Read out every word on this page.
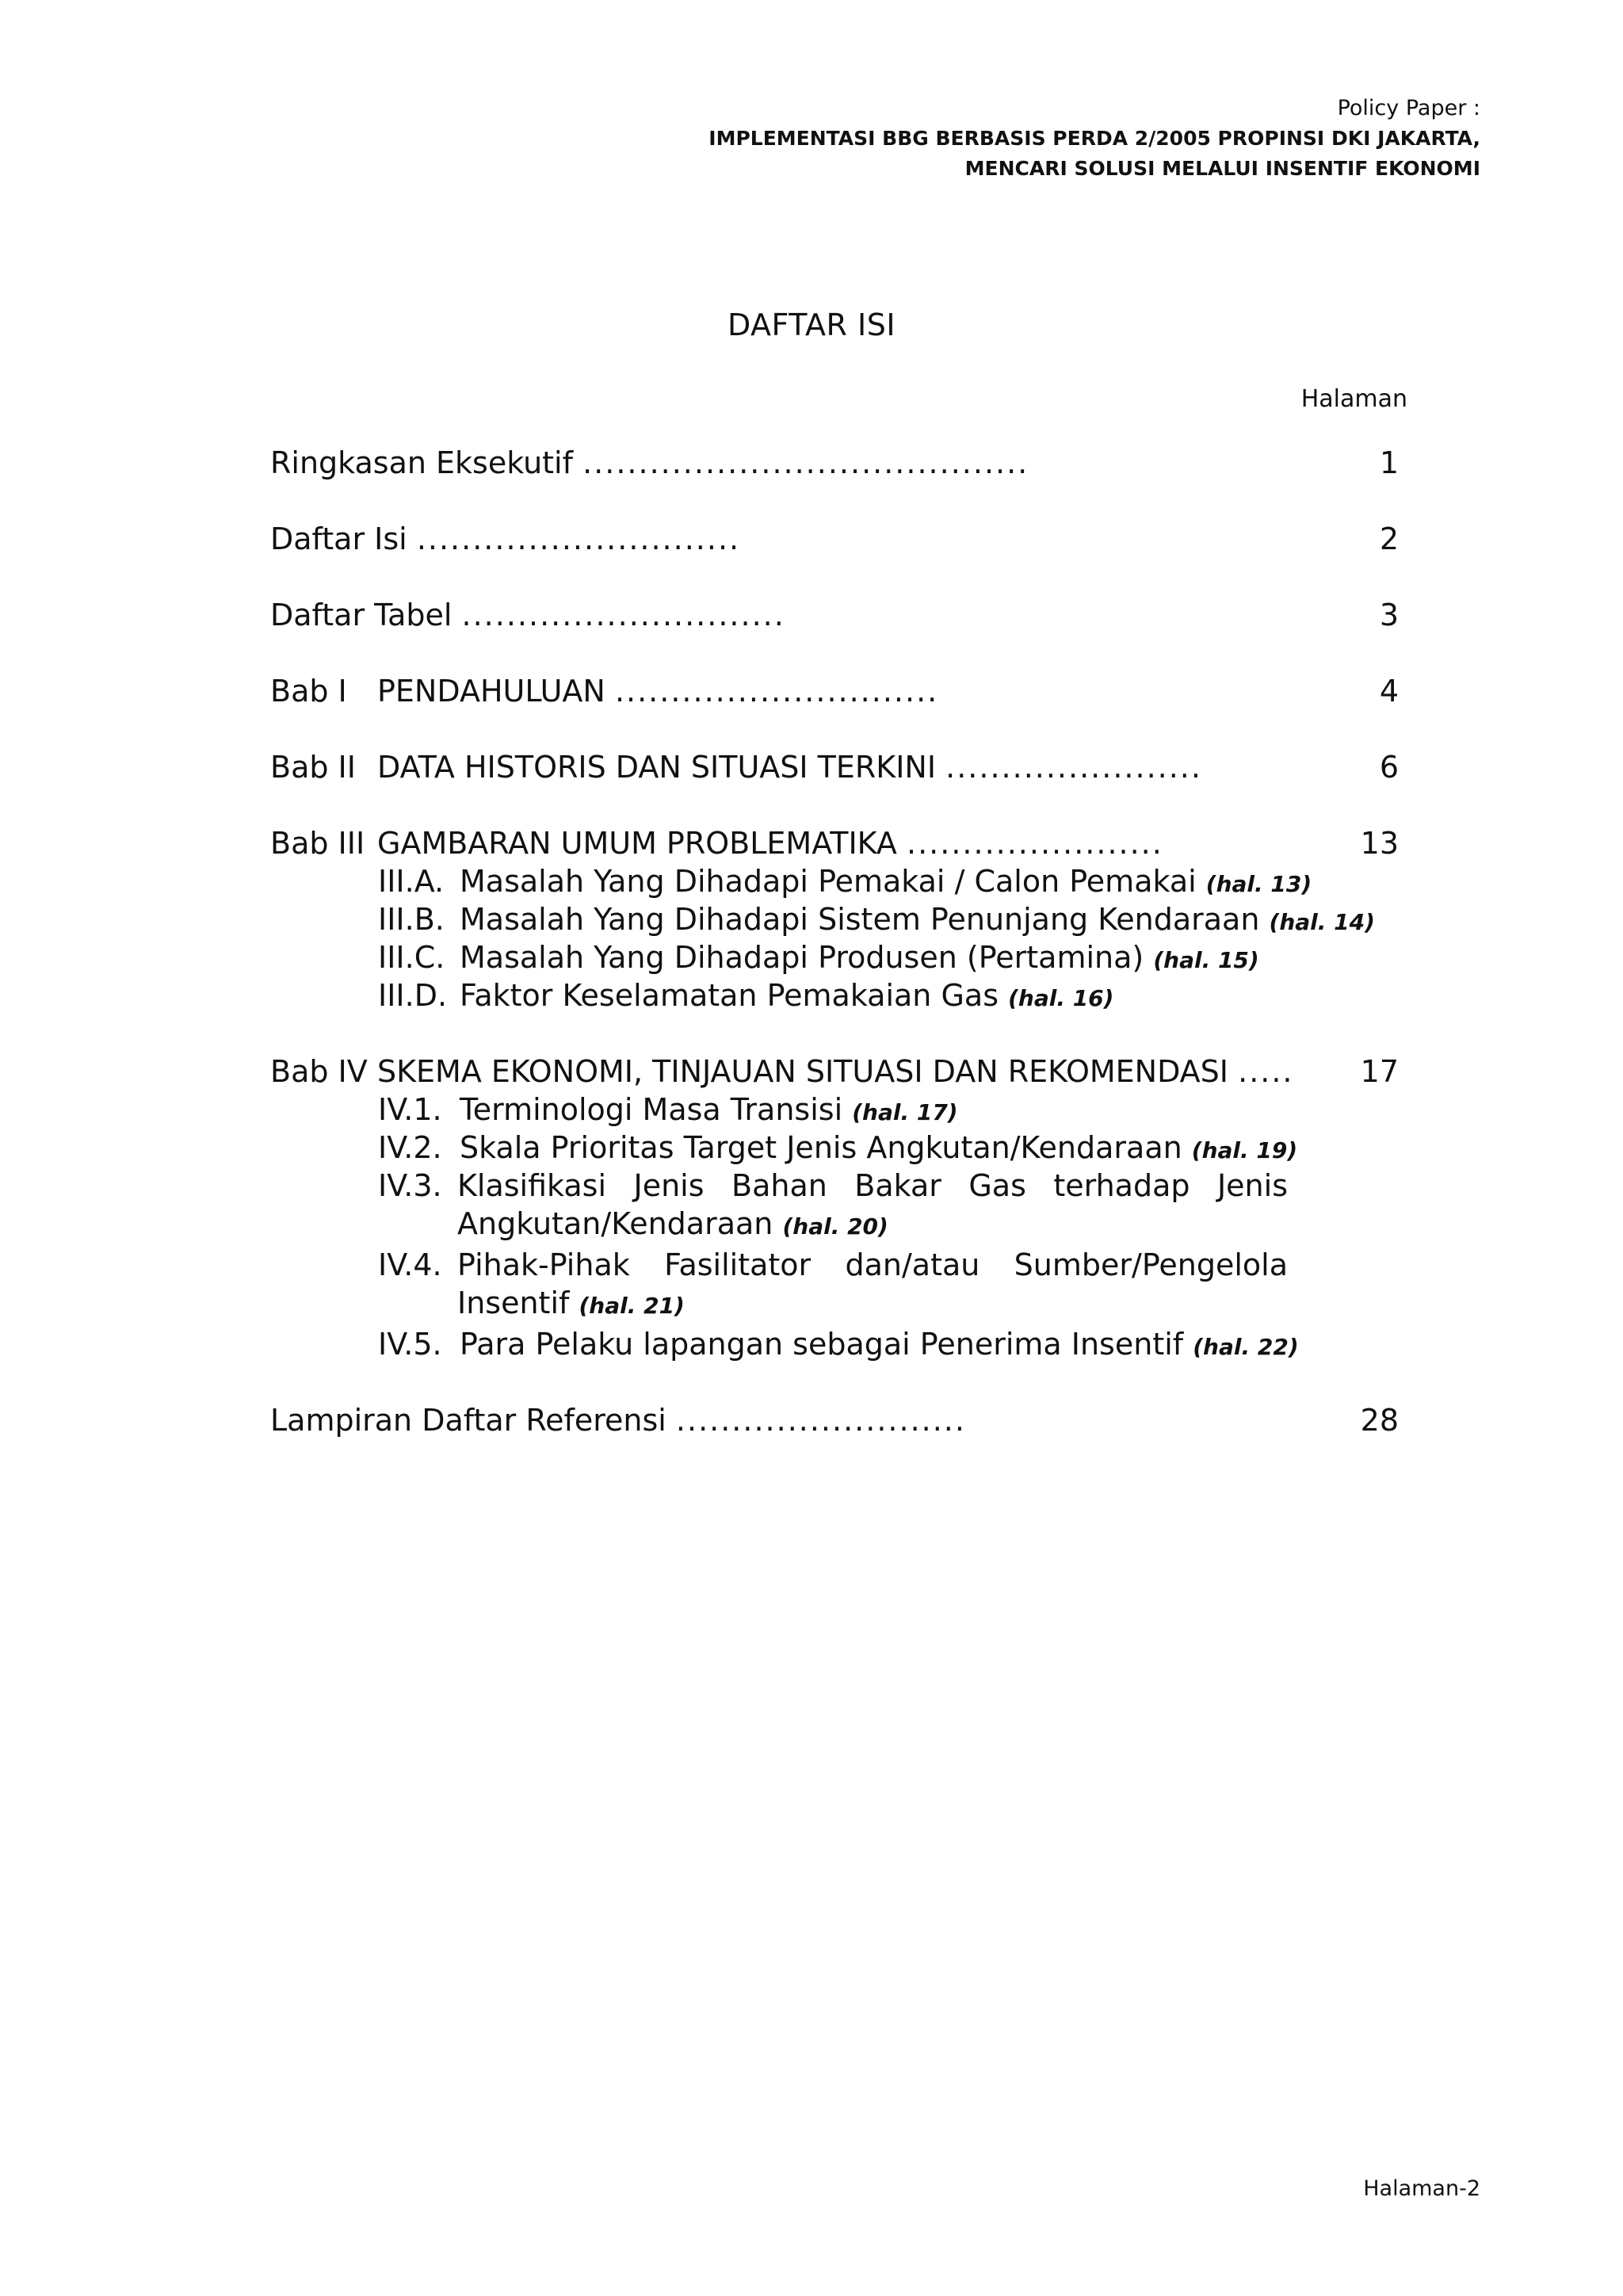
Policy Paper :
IMPLEMENTASI BBG BERBASIS PERDA 2/2005 PROPINSI DKI JAKARTA,
MENCARI SOLUSI MELALUI INSENTIF EKONOMI
DAFTAR ISI
Halaman
Ringkasan Eksekutif ........................................	1
Daftar Isi .............................	2
Daftar Tabel .............................	3
Bab I PENDAHULUAN .............................	4
Bab II DATA HISTORIS DAN SITUASI TERKINI .......................	6
Bab III GAMBARAN UMUM PROBLEMATIKA .......................	13
III.A. Masalah Yang Dihadapi Pemakai / Calon Pemakai (hal. 13)
III.B. Masalah Yang Dihadapi Sistem Penunjang Kendaraan (hal. 14)
III.C. Masalah Yang Dihadapi Produsen (Pertamina) (hal. 15)
III.D. Faktor Keselamatan Pemakaian Gas (hal. 16)
Bab IV SKEMA EKONOMI, TINJAUAN SITUASI DAN REKOMENDASI ..... 17
IV.1. Terminologi Masa Transisi (hal. 17)
IV.2. Skala Prioritas Target Jenis Angkutan/Kendaraan (hal. 19)
IV.3. Klasifikasi Jenis Bahan Bakar Gas terhadap Jenis
Angkutan/Kendaraan (hal. 20)
IV.4. Pihak-Pihak Fasilitator dan/atau Sumber/Pengelola
Insentif (hal. 21)
IV.5. Para Pelaku lapangan sebagai Penerima Insentif (hal. 22)
Lampiran Daftar Referensi ..........................	28
Halaman-2
